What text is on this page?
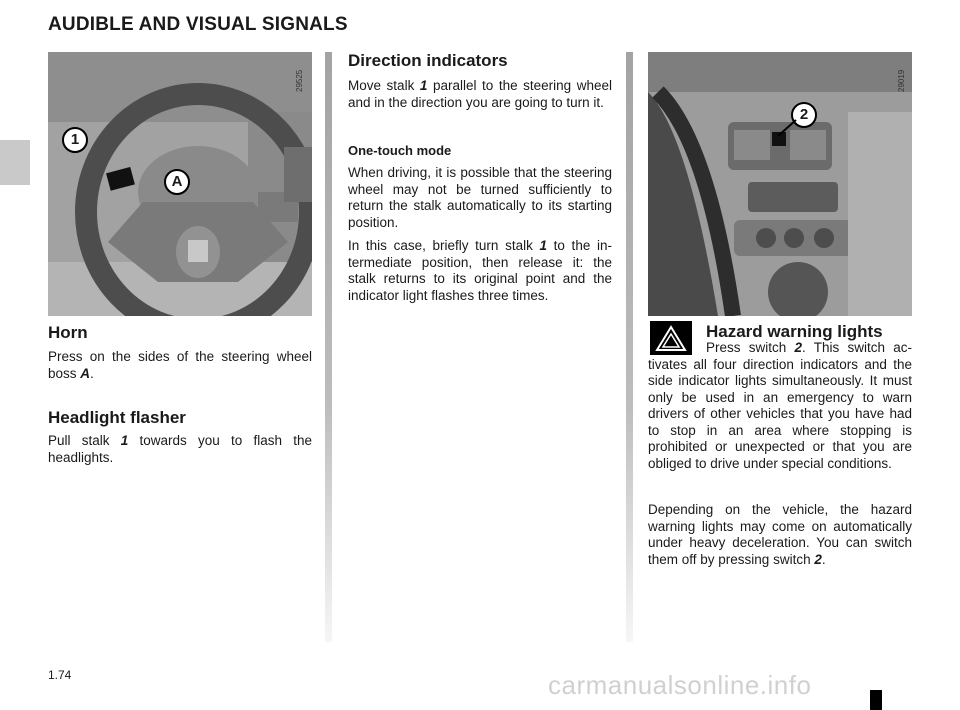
AUDIBLE AND VISUAL SIGNALS
29525
1
A
Horn

Press on the sides of the steering wheel boss A.

Headlight flasher

Pull stalk 1 towards you to flash the headlights.

Direction indicators

Move stalk 1 parallel to the steering wheel and in the direction you are going to turn it.

One-touch mode

When driving, it is possible that the steering wheel may not be turned sufficiently to return the stalk automatically to its starting position.

In this case, briefly turn stalk 1 to the intermediate position, then release it: the stalk returns to its original point and the indicator light flashes three times.

29019
2
Hazard warning lights

Press switch 2. This switch activates all four direction indicators and the side indicator lights simultaneously. It must only be used in an emergency to warn drivers of other vehicles that you have had to stop in an area where stopping is prohibited or unexpected or that you are obliged to drive under special conditions.

Depending on the vehicle, the hazard warning lights may come on automatically under heavy deceleration. You can switch them off by pressing switch 2.

1.74	carmanualsonline.info
